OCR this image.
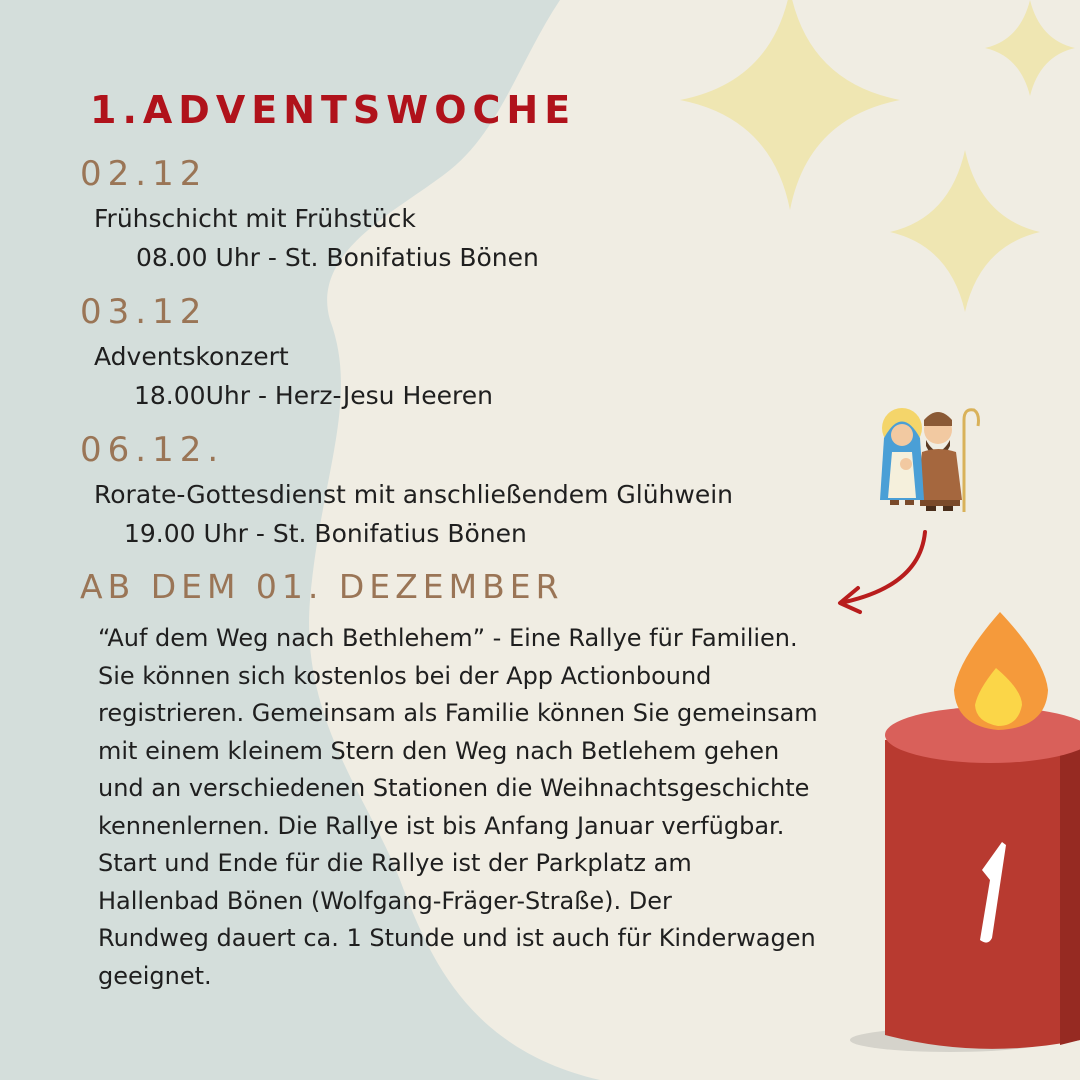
1.ADVENTSWOCHE
02.12
Frühschicht mit Frühstück
08.00 Uhr - St. Bonifatius Bönen
03.12
Adventskonzert
18.00Uhr - Herz-Jesu Heeren
06.12.
Rorate-Gottesdienst mit anschließendem Glühwein
19.00 Uhr - St. Bonifatius Bönen
AB DEM 01. DEZEMBER

“Auf dem Weg nach Bethlehem” - Eine Rallye für Familien.
Sie können sich kostenlos bei der App Actionbound
registrieren. Gemeinsam als Familie können Sie gemeinsam
mit einem kleinem Stern den Weg nach Betlehem gehen
und an verschiedenen Stationen die Weihnachtsgeschichte
kennenlernen. Die Rallye ist bis Anfang Januar verfügbar.
Start und Ende für die Rallye ist der Parkplatz am
Hallenbad Bönen (Wolfgang-Fräger-Straße). Der
Rundweg dauert ca. 1 Stunde und ist auch für Kinderwagen
geeignet.
